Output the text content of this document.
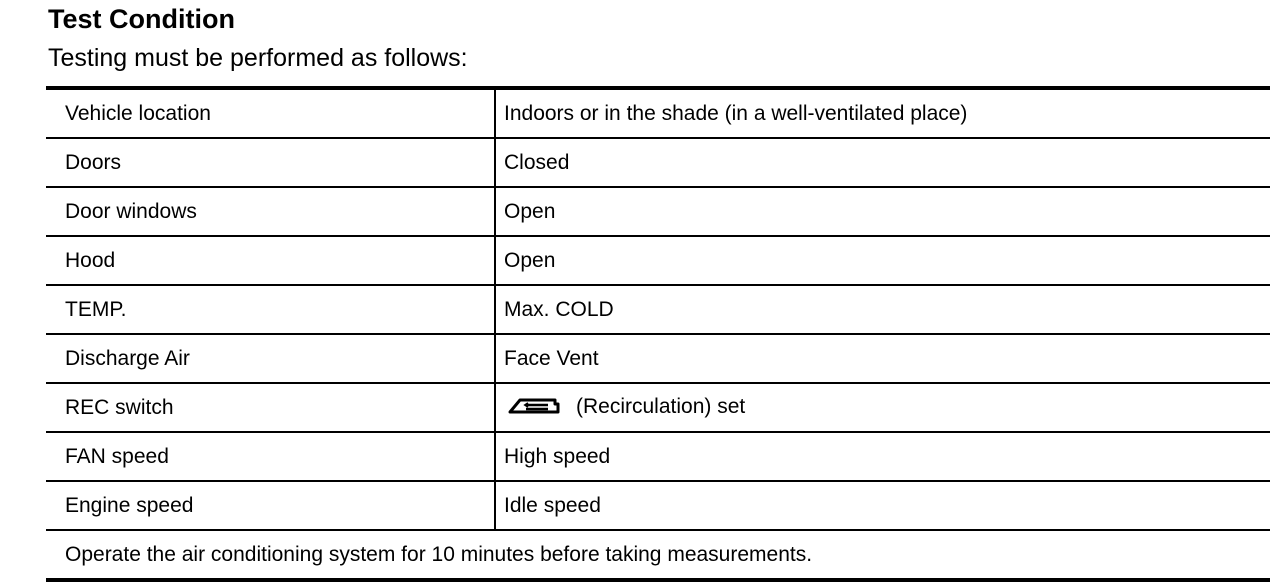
Test Condition

Testing must be performed as follows:

Vehicle location	Indoors or in the shade (in a well-ventilated place)
Doors	Closed
Door windows	Open
Hood	Open
TEMP.	Max. COLD
Discharge Air	Face Vent
REC switch	(Recirculation) set
FAN speed	High speed
Engine speed	Idle speed
Operate the air conditioning system for 10 minutes before taking measurements.	
